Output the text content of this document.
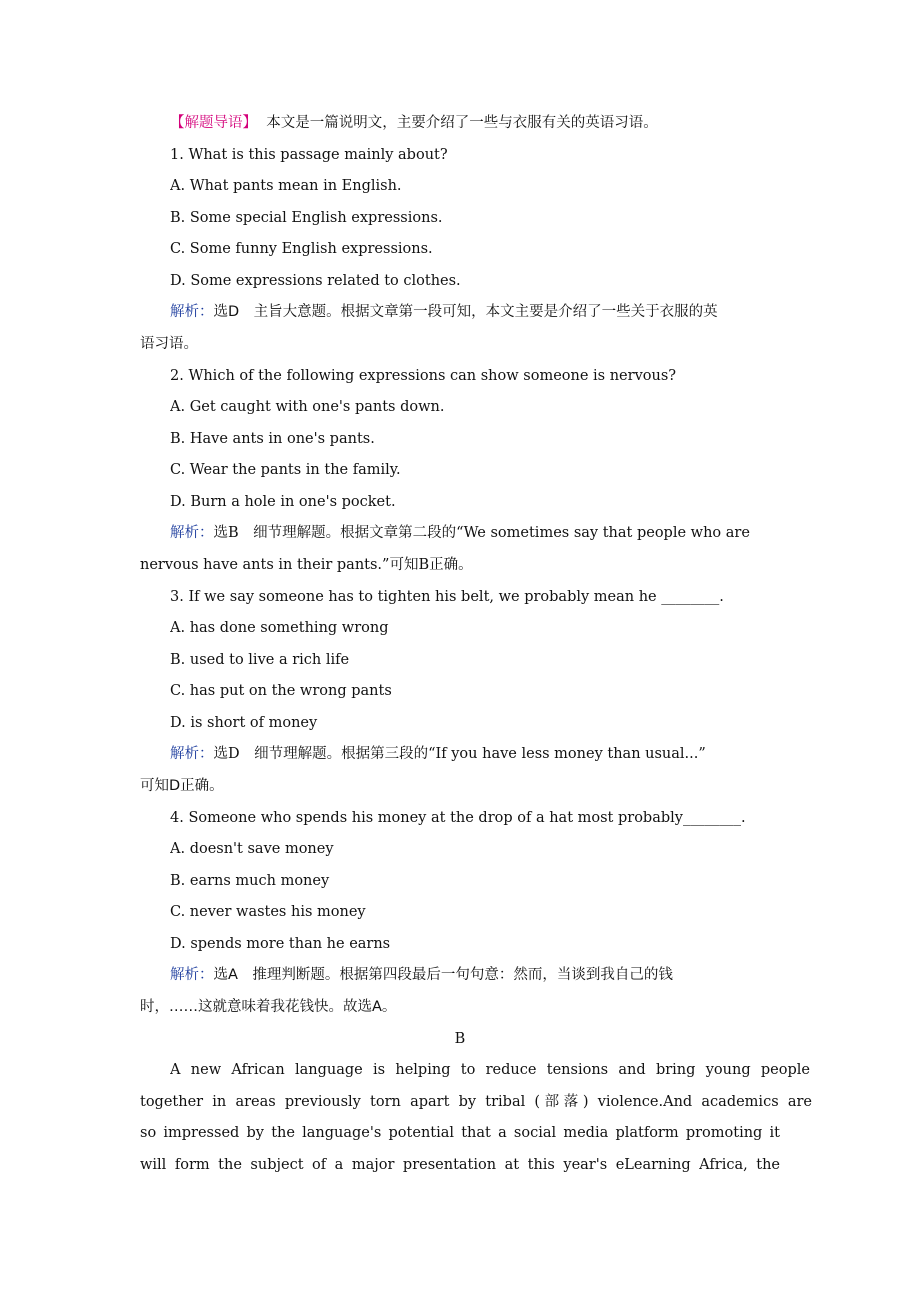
【解题导语】 本文是一篇说明文，主要介绍了一些与衣服有关的英语习语。
1. What is this passage mainly about?
A. What pants mean in English.
B. Some special English expressions.
C. Some funny English expressions.
D. Some expressions related to clothes.
解析：选D　主旨大意题。根据文章第一段可知，本文主要是介绍了一些关于衣服的英
语习语。
2. Which of the following expressions can show someone is nervous?
A. Get caught with one's pants down.
B. Have ants in one's pants.
C. Wear the pants in the family.
D. Burn a hole in one's pocket.
解析：选B　细节理解题。根据文章第二段的“We sometimes say that people who are
nervous have ants in their pants.”可知B正确。
3. If we say someone has to tighten his belt, we probably mean he ________.
A. has done something wrong
B. used to live a rich life
C. has put on the wrong pants
D. is short of money
解析：选D　细节理解题。根据第三段的“If you have less money than usual...”
可知D正确。
4. Someone who spends his money at the drop of a hat most probably________.
A. doesn't save money
B. earns much money
C. never wastes his money
D. spends more than he earns
解析：选A　推理判断题。根据第四段最后一句句意：然而，当谈到我自己的钱
时，……这就意味着我花钱快。故选A。
B
A new African language is helping to reduce tensions and bring young people
together in areas previously torn apart by tribal (部落) violence.And academics are
so impressed by the language's potential that a social media platform promoting it
will form the subject of a major presentation at this year's eLearning Africa, the
